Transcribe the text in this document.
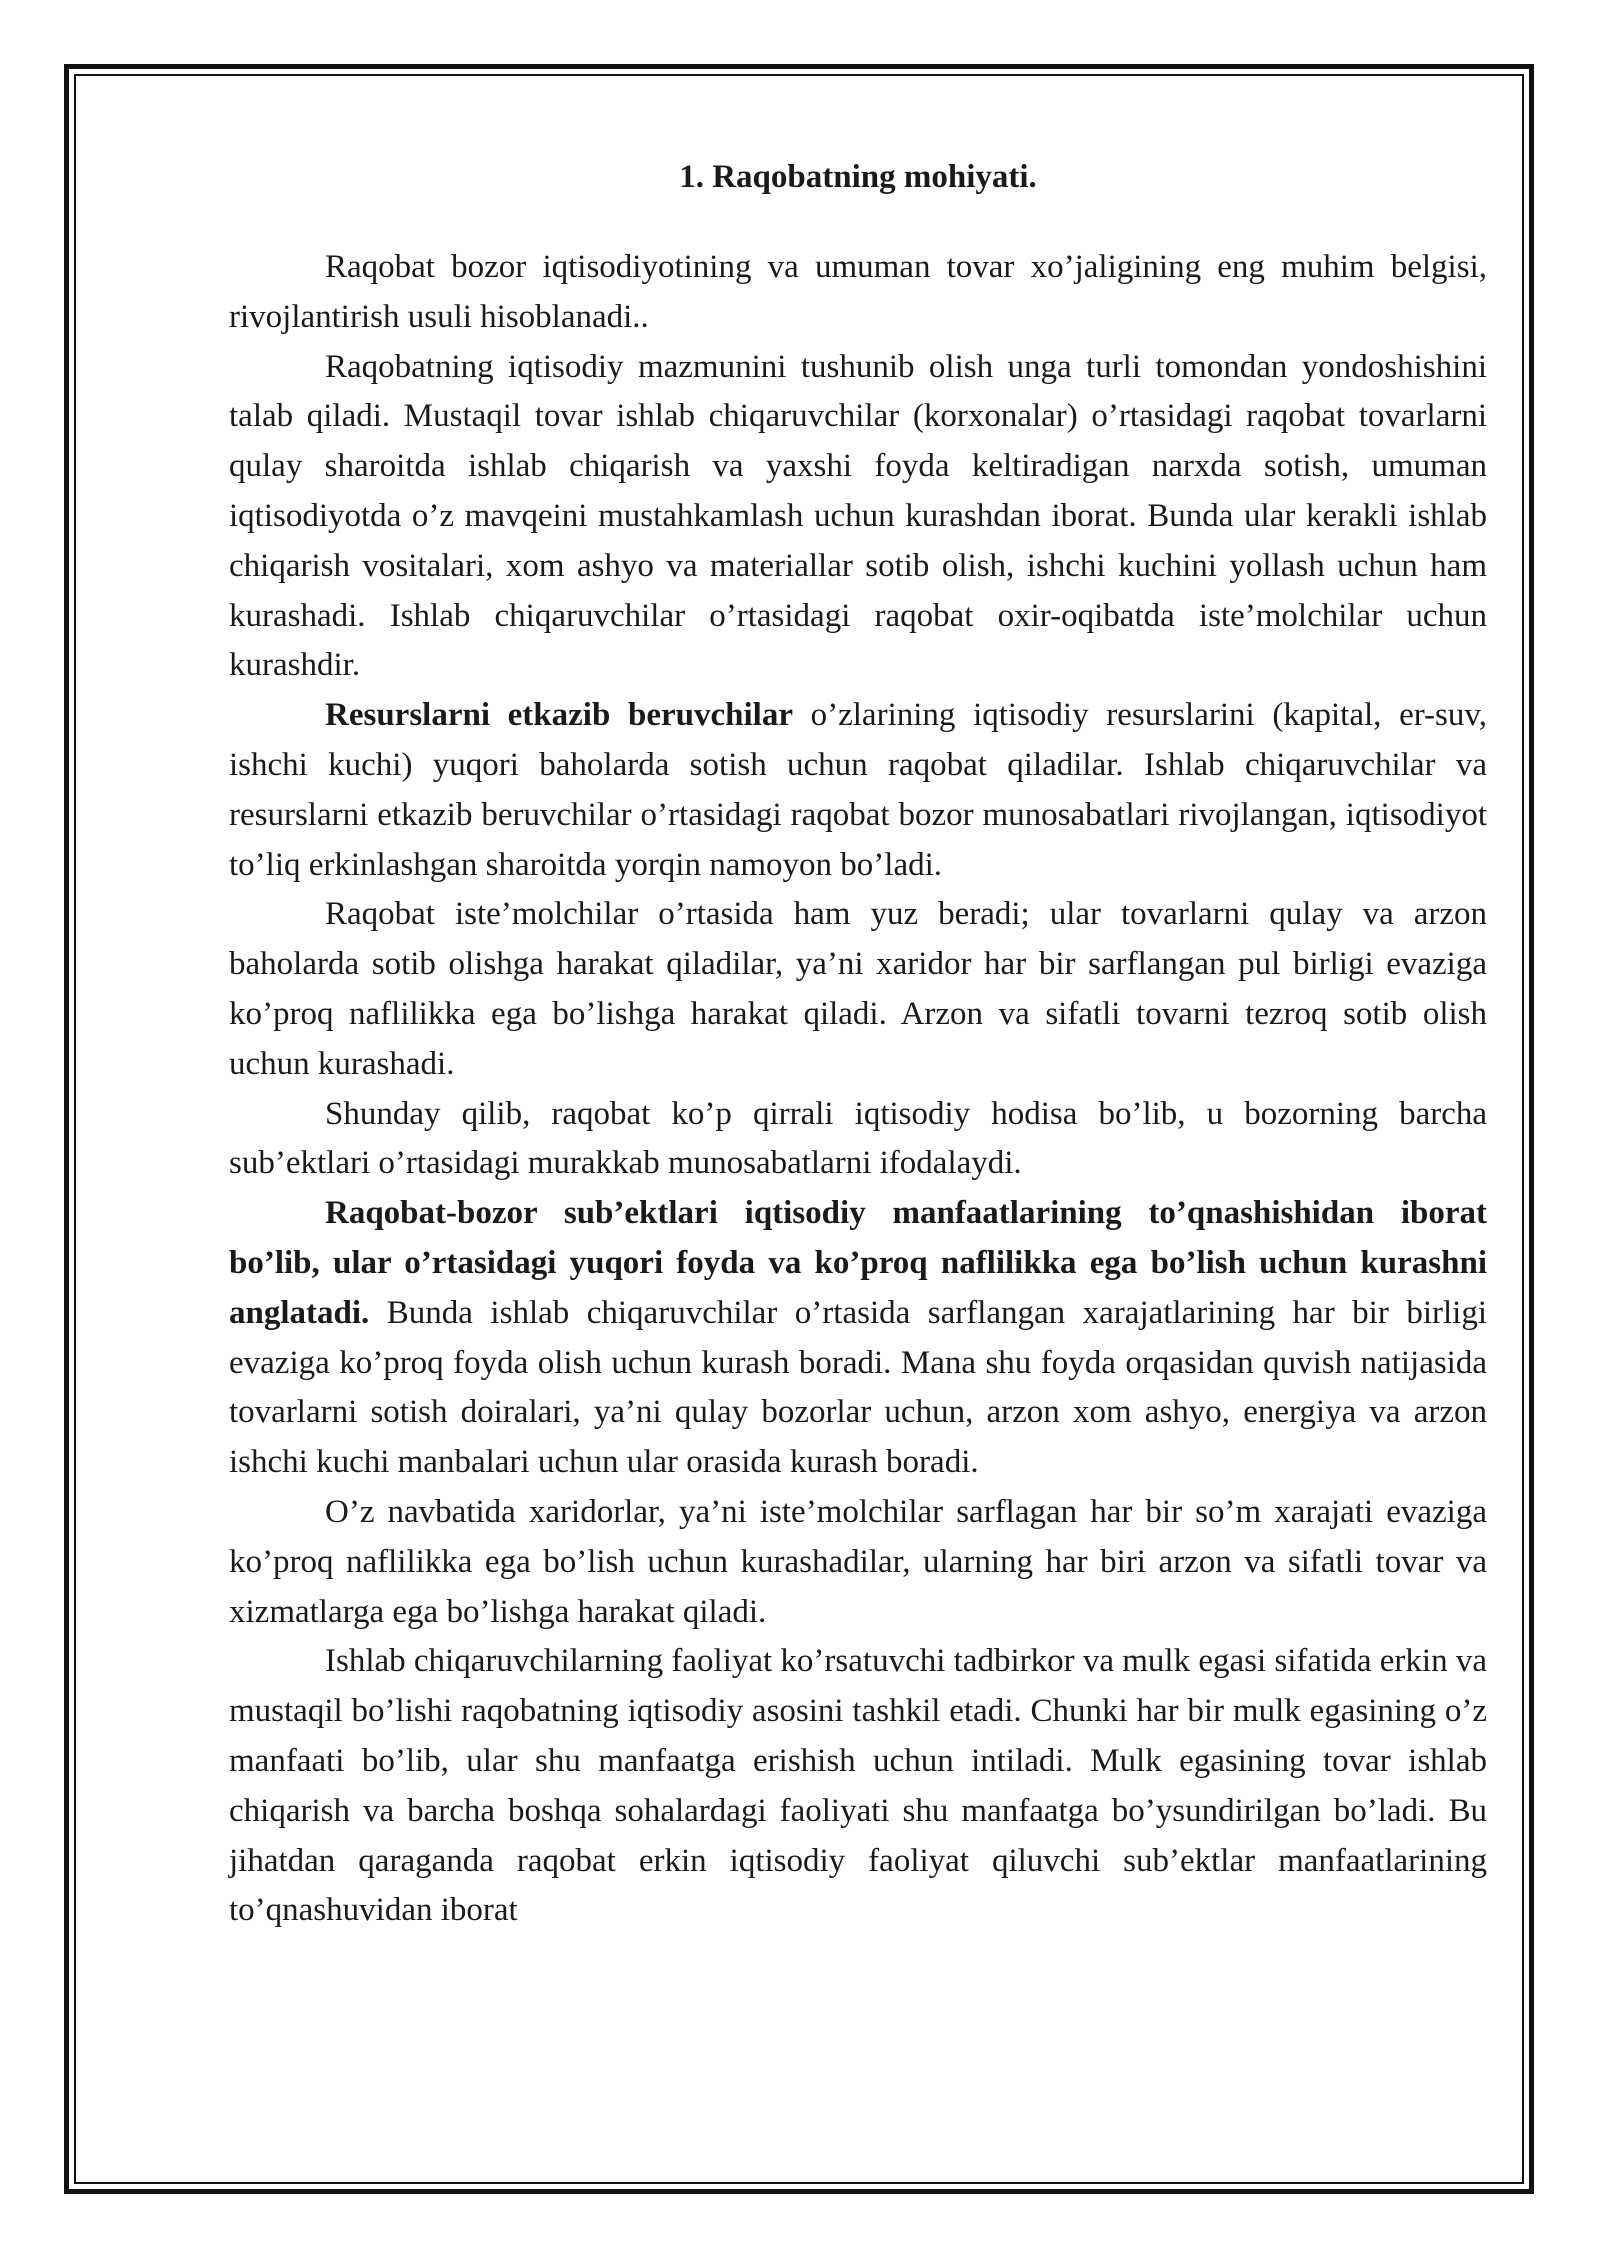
1. Raqobatning mohiyati.

Raqobat bozor iqtisodiyotining va umuman tovar xo’jaligining eng muhim belgisi, rivojlantirish usuli hisoblanadi..

Raqobatning iqtisodiy mazmunini tushunib olish unga turli tomondan yondoshishini talab qiladi. Mustaqil tovar ishlab chiqaruvchilar (korxonalar) o’rtasidagi raqobat tovarlarni qulay sharoitda ishlab chiqarish va yaxshi foyda keltiradigan narxda sotish, umuman iqtisodiyotda o’z mavqeini mustahkamlash uchun kurashdan iborat. Bunda ular kerakli ishlab chiqarish vositalari, xom ashyo va materiallar sotib olish, ishchi kuchini yollash uchun ham kurashadi. Ishlab chiqaruvchilar o’rtasidagi raqobat oxir-oqibatda iste’molchilar uchun kurashdir.

Resurslarni etkazib beruvchilar o’zlarining iqtisodiy resurslarini (kapital, er-suv, ishchi kuchi) yuqori baholarda sotish uchun raqobat qiladilar. Ishlab chiqaruvchilar va resurslarni etkazib beruvchilar o’rtasidagi raqobat bozor munosabatlari rivojlangan, iqtisodiyot to’liq erkinlashgan sharoitda yorqin namoyon bo’ladi.

Raqobat iste’molchilar o’rtasida ham yuz beradi; ular tovarlarni qulay va arzon baholarda sotib olishga harakat qiladilar, ya’ni xaridor har bir sarflangan pul birligi evaziga ko’proq naflilikka ega bo’lishga harakat qiladi. Arzon va sifatli tovarni tezroq sotib olish uchun kurashadi.

Shunday qilib, raqobat ko’p qirrali iqtisodiy hodisa bo’lib, u bozorning barcha sub’ektlari o’rtasidagi murakkab munosabatlarni ifodalaydi.

Raqobat-bozor sub’ektlari iqtisodiy manfaatlarining to’qnashishidan iborat bo’lib, ular o’rtasidagi yuqori foyda va ko’proq naflilikka ega bo’lish uchun kurashni anglatadi. Bunda ishlab chiqaruvchilar o’rtasida sarflangan xarajatlarining har bir birligi evaziga ko’proq foyda olish uchun kurash boradi. Mana shu foyda orqasidan quvish natijasida tovarlarni sotish doiralari, ya’ni qulay bozorlar uchun, arzon xom ashyo, energiya va arzon ishchi kuchi manbalari uchun ular orasida kurash boradi.

O’z navbatida xaridorlar, ya’ni iste’molchilar sarflagan har bir so’m xarajati evaziga ko’proq naflilikka ega bo’lish uchun kurashadilar, ularning har biri arzon va sifatli tovar va xizmatlarga ega bo’lishga harakat qiladi.

Ishlab chiqaruvchilarning faoliyat ko’rsatuvchi tadbirkor va mulk egasi sifatida erkin va mustaqil bo’lishi raqobatning iqtisodiy asosini tashkil etadi. Chunki har bir mulk egasining o’z manfaati bo’lib, ular shu manfaatga erishish uchun intiladi. Mulk egasining tovar ishlab chiqarish va barcha boshqa sohalardagi faoliyati shu manfaatga bo’ysundirilgan bo’ladi. Bu jihatdan qaraganda raqobat erkin iqtisodiy faoliyat qiluvchi sub’ektlar manfaatlarining to’qnashuvidan iborat
